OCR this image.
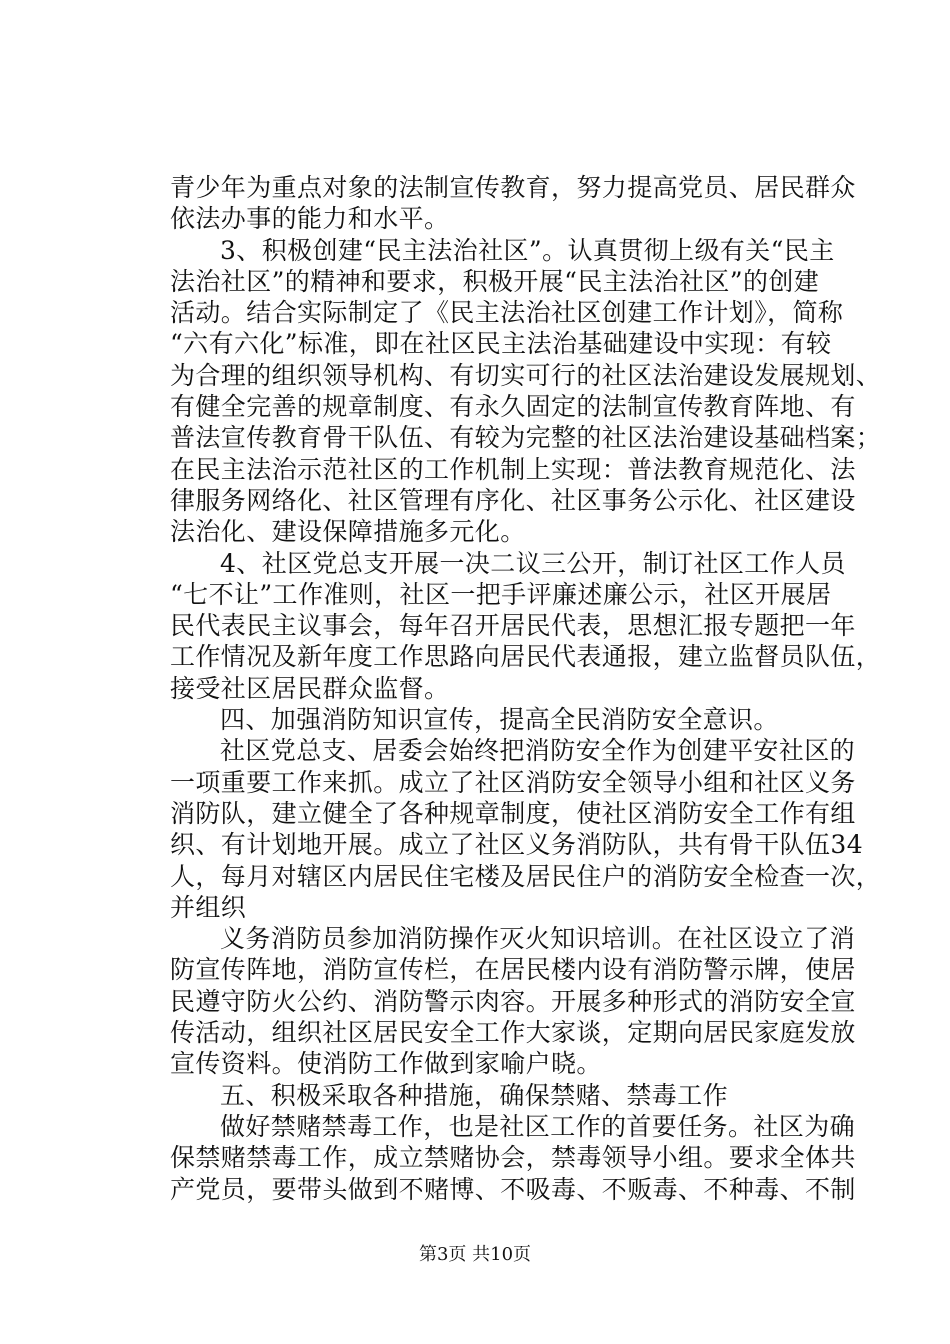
青少年为重点对象的法制宣传教育，努力提高党员、居民群众
依法办事的能力和水平。
3、积极创建“民主法治社区”。认真贯彻上级有关“民主
法治社区”的精神和要求，积极开展“民主法治社区”的创建
活动。结合实际制定了《民主法治社区创建工作计划》，简称
“六有六化”标准，即在社区民主法治基础建设中实现：有较
为合理的组织领导机构、有切实可行的社区法治建设发展规划、
有健全完善的规章制度、有永久固定的法制宣传教育阵地、有
普法宣传教育骨干队伍、有较为完整的社区法治建设基础档案；
在民主法治示范社区的工作机制上实现：普法教育规范化、法
律服务网络化、社区管理有序化、社区事务公示化、社区建设
法治化、建设保障措施多元化。
4、社区党总支开展一决二议三公开，制订社区工作人员
“七不让”工作准则，社区一把手评廉述廉公示，社区开展居
民代表民主议事会，每年召开居民代表，思想汇报专题把一年
工作情况及新年度工作思路向居民代表通报，建立监督员队伍，
接受社区居民群众监督。
四、加强消防知识宣传，提高全民消防安全意识。
社区党总支、居委会始终把消防安全作为创建平安社区的
一项重要工作来抓。成立了社区消防安全领导小组和社区义务
消防队，建立健全了各种规章制度，使社区消防安全工作有组
织、有计划地开展。成立了社区义务消防队，共有骨干队伍34
人，每月对辖区内居民住宅楼及居民住户的消防安全检查一次，
并组织
义务消防员参加消防操作灭火知识培训。在社区设立了消
防宣传阵地，消防宣传栏，在居民楼内设有消防警示牌，使居
民遵守防火公约、消防警示肉容。开展多种形式的消防安全宣
传活动，组织社区居民安全工作大家谈，定期向居民家庭发放
宣传资料。使消防工作做到家喻户晓。
五、积极采取各种措施，确保禁赌、禁毒工作
做好禁赌禁毒工作，也是社区工作的首要任务。社区为确
保禁赌禁毒工作，成立禁赌协会，禁毒领导小组。要求全体共
产党员，要带头做到不赌博、不吸毒、不贩毒、不种毒、不制
第3页 共10页
